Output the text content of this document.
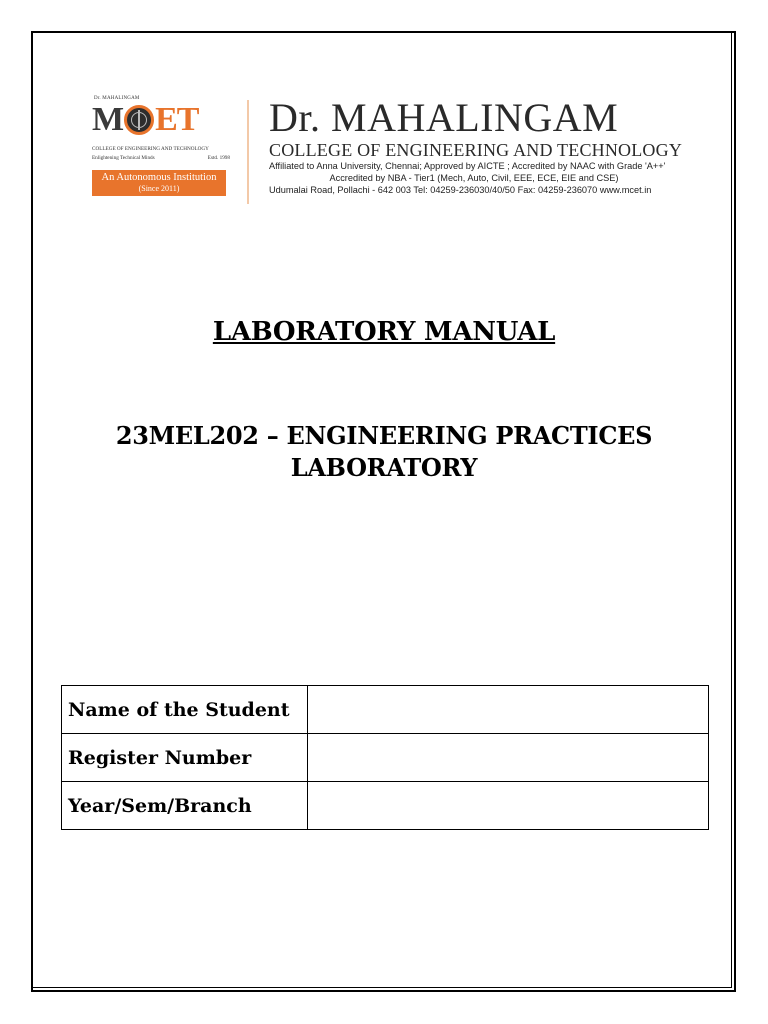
Dr. MAHALINGAM
M ET
COLLEGE OF ENGINEERING AND TECHNOLOGY
Enlightening Technical Minds	Estd. 1998
An Autonomous Institution
(Since 2011)
Dr. MAHALINGAM
COLLEGE OF ENGINEERING AND TECHNOLOGY
Affiliated to Anna University, Chennai; Approved by AICTE ; Accredited by NAAC with Grade 'A++'
Accredited by NBA - Tier1 (Mech, Auto, Civil, EEE, ECE, EIE and CSE)
Udumalai Road, Pollachi - 642 003 Tel: 04259-236030/40/50 Fax: 04259-236070 www.mcet.in
LABORATORY MANUAL
23MEL202 – ENGINEERING PRACTICES
LABORATORY
Name of the Student	
Register Number	
Year/Sem/Branch	
